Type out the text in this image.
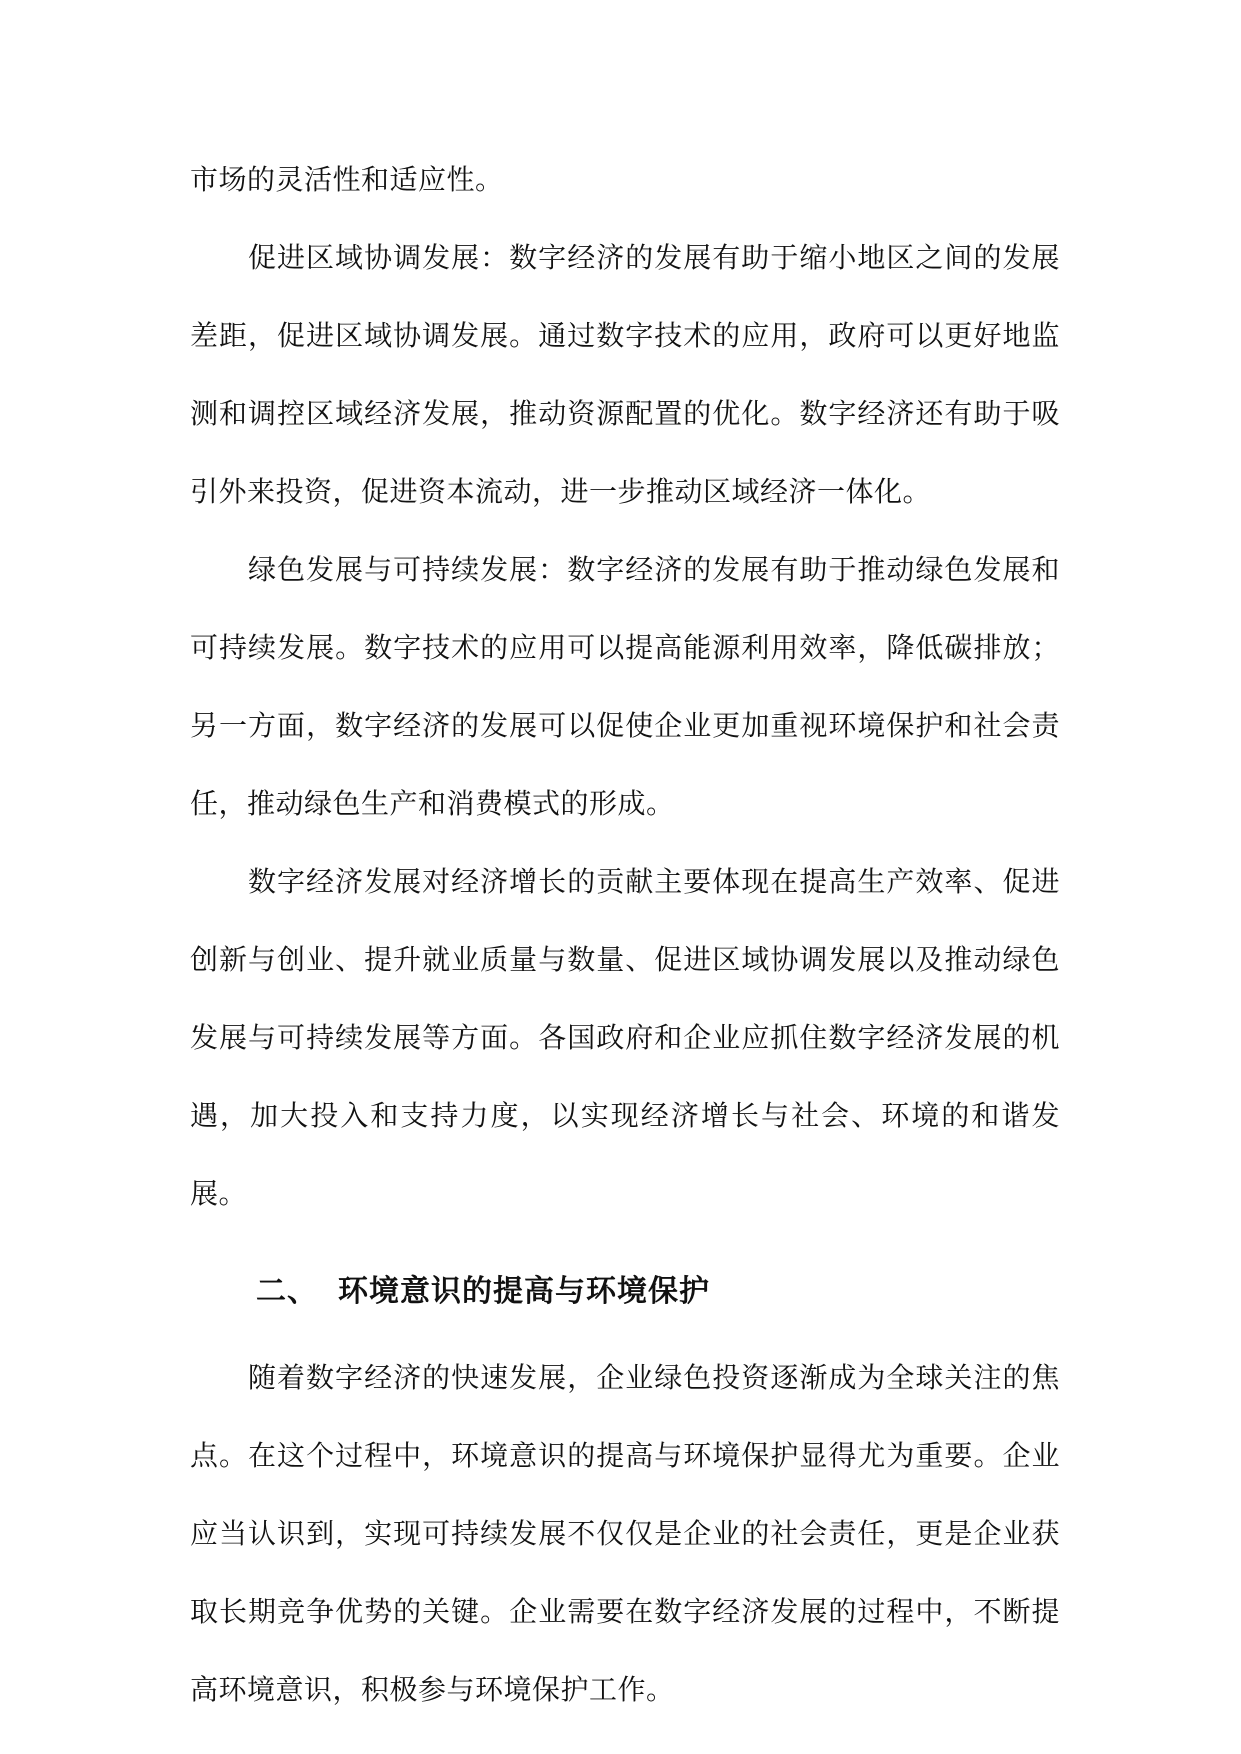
市场的灵活性和适应性。

促进区域协调发展：数字经济的发展有助于缩小地区之间的发展差距，促进区域协调发展。通过数字技术的应用，政府可以更好地监测和调控区域经济发展，推动资源配置的优化。数字经济还有助于吸引外来投资，促进资本流动，进一步推动区域经济一体化。

绿色发展与可持续发展：数字经济的发展有助于推动绿色发展和可持续发展。数字技术的应用可以提高能源利用效率，降低碳排放；另一方面，数字经济的发展可以促使企业更加重视环境保护和社会责任，推动绿色生产和消费模式的形成。

数字经济发展对经济增长的贡献主要体现在提高生产效率、促进创新与创业、提升就业质量与数量、促进区域协调发展以及推动绿色发展与可持续发展等方面。各国政府和企业应抓住数字经济发展的机遇，加大投入和支持力度，以实现经济增长与社会、环境的和谐发展。

二、 环境意识的提高与环境保护

随着数字经济的快速发展，企业绿色投资逐渐成为全球关注的焦点。在这个过程中，环境意识的提高与环境保护显得尤为重要。企业应当认识到，实现可持续发展不仅仅是企业的社会责任，更是企业获取长期竞争优势的关键。企业需要在数字经济发展的过程中，不断提高环境意识，积极参与环境保护工作。
